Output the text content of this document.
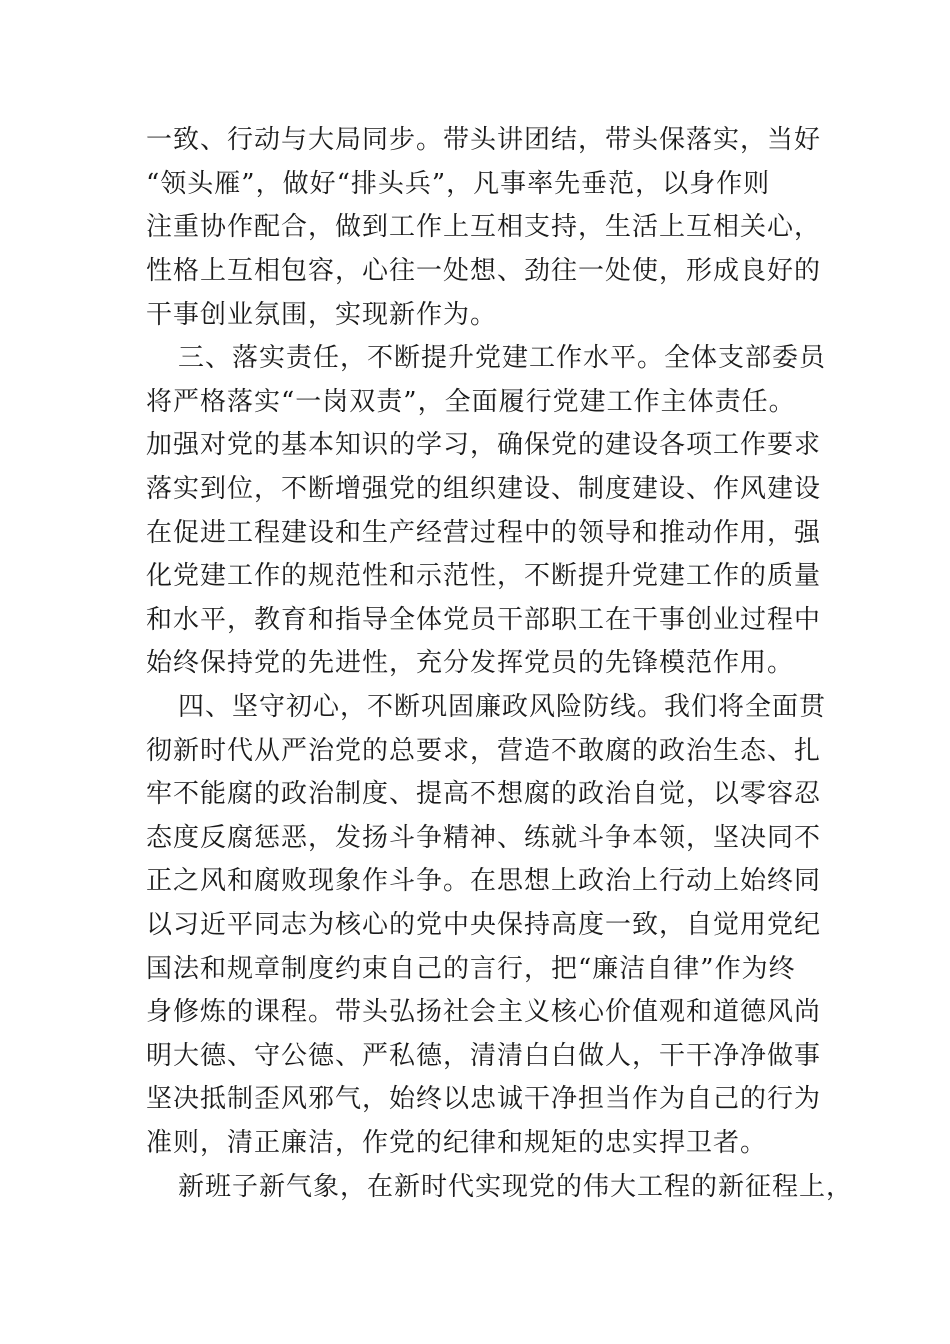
一致、行动与大局同步。带头讲团结，带头保落实，当好
“领头雁”，做好“排头兵”，凡事率先垂范，以身作则
注重协作配合，做到工作上互相支持，生活上互相关心，
性格上互相包容，心往一处想、劲往一处使，形成良好的
干事创业氛围，实现新作为。
三、落实责任，不断提升党建工作水平。全体支部委员
将严格落实“一岗双责”，全面履行党建工作主体责任。
加强对党的基本知识的学习，确保党的建设各项工作要求
落实到位，不断增强党的组织建设、制度建设、作风建设
在促进工程建设和生产经营过程中的领导和推动作用，强
化党建工作的规范性和示范性，不断提升党建工作的质量
和水平，教育和指导全体党员干部职工在干事创业过程中
始终保持党的先进性，充分发挥党员的先锋模范作用。
四、坚守初心，不断巩固廉政风险防线。我们将全面贯
彻新时代从严治党的总要求，营造不敢腐的政治生态、扎
牢不能腐的政治制度、提高不想腐的政治自觉，以零容忍
态度反腐惩恶，发扬斗争精神、练就斗争本领，坚决同不
正之风和腐败现象作斗争。在思想上政治上行动上始终同
以习近平同志为核心的党中央保持高度一致，自觉用党纪
国法和规章制度约束自己的言行，把“廉洁自律”作为终
身修炼的课程。带头弘扬社会主义核心价值观和道德风尚
明大德、守公德、严私德，清清白白做人，干干净净做事
坚决抵制歪风邪气，始终以忠诚干净担当作为自己的行为
准则，清正廉洁，作党的纪律和规矩的忠实捍卫者。
新班子新气象，在新时代实现党的伟大工程的新征程上，
